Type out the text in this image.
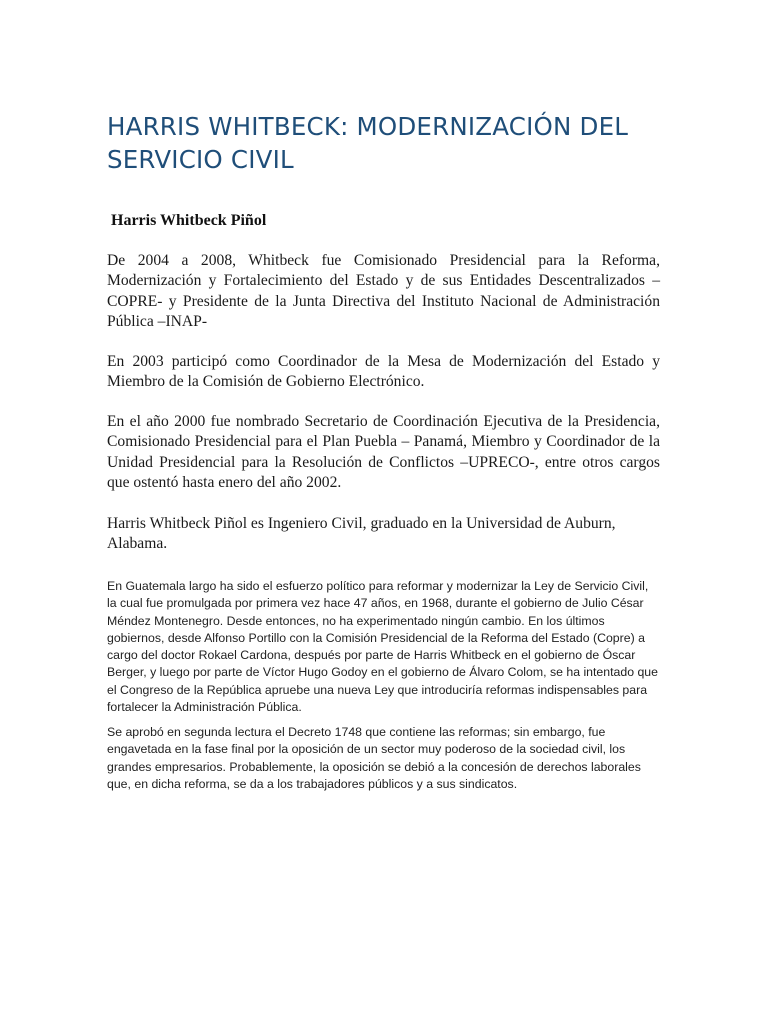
HARRIS WHITBECK: MODERNIZACIÓN DEL SERVICIO CIVIL

Harris Whitbeck Piñol

De 2004 a 2008, Whitbeck fue Comisionado Presidencial para la Reforma, Modernización y Fortalecimiento del Estado y de sus Entidades Descentralizados –COPRE- y Presidente de la Junta Directiva del Instituto Nacional de Administración Pública –INAP-

En 2003 participó como Coordinador de la Mesa de Modernización del Estado y Miembro de la Comisión de Gobierno Electrónico.

En el año 2000 fue nombrado Secretario de Coordinación Ejecutiva de la Presidencia, Comisionado Presidencial para el Plan Puebla – Panamá, Miembro y Coordinador de la Unidad Presidencial para la Resolución de Conflictos –UPRECO-, entre otros cargos que ostentó hasta enero del año 2002.

Harris Whitbeck Piñol es Ingeniero Civil, graduado en la Universidad de Auburn, Alabama.

En Guatemala largo ha sido el esfuerzo político para reformar y modernizar la Ley de Servicio Civil, la cual fue promulgada por primera vez hace 47 años, en 1968, durante el gobierno de Julio César Méndez Montenegro. Desde entonces, no ha experimentado ningún cambio. En los últimos gobiernos, desde Alfonso Portillo con la Comisión Presidencial de la Reforma del Estado (Copre) a cargo del doctor Rokael Cardona, después por parte de Harris Whitbeck en el gobierno de Óscar Berger, y luego por parte de Víctor Hugo Godoy en el gobierno de Álvaro Colom, se ha intentado que el Congreso de la República apruebe una nueva Ley que introduciría reformas indispensables para fortalecer la Administración Pública.

Se aprobó en segunda lectura el Decreto 1748 que contiene las reformas; sin embargo, fue engavetada en la fase final por la oposición de un sector muy poderoso de la sociedad civil, los grandes empresarios. Probablemente, la oposición se debió a la concesión de derechos laborales que, en dicha reforma, se da a los trabajadores públicos y a sus sindicatos.
